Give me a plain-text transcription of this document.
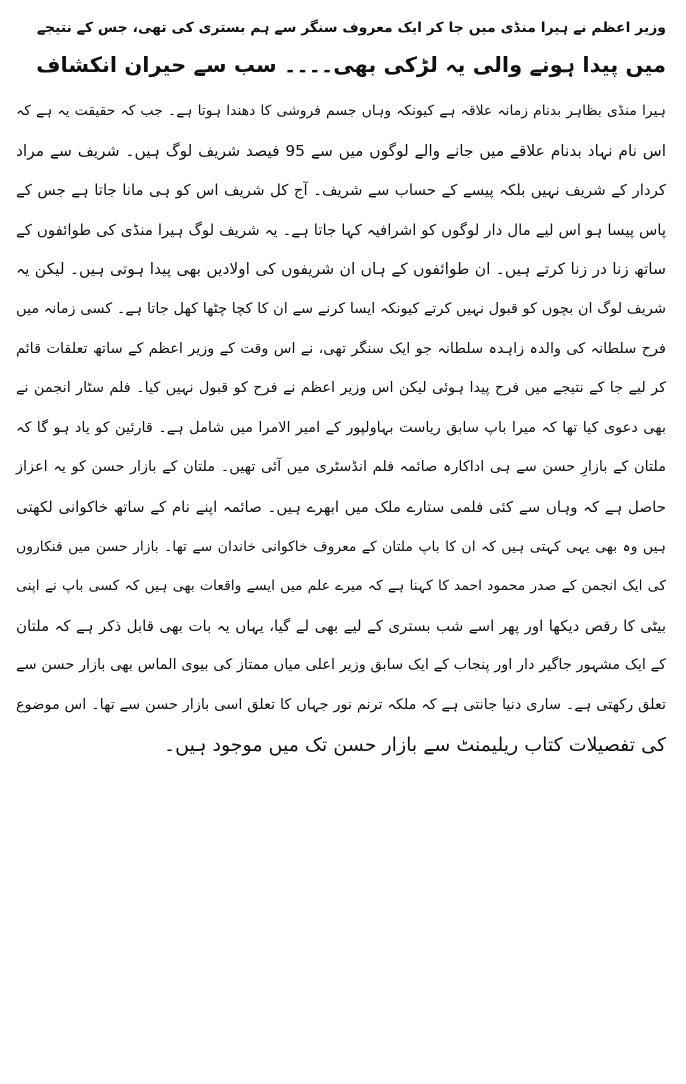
وزیر اعظم نے ہیرا منڈی میں جا کر ایک معروف سنگر سے ہم بستری کی تھی، جس کے نتیجے
میں پیدا ہونے والی یہ لڑکی بھی۔۔۔۔ سب سے حیران انکشاف
ہیرا منڈی بظاہر بدنام زمانہ علاقہ ہے کیونکہ وہاں جسم فروشی کا دھندا ہوتا ہے۔ جب کہ حقیقت یہ ہے کہ
اس نام نہاد بدنام علاقے میں جانے والے لوگوں میں سے 95 فیصد شریف لوگ ہیں۔ شریف سے مراد
کردار کے شریف نہیں بلکہ پیسے کے حساب سے شریف۔ آج کل شریف اس کو ہی مانا جاتا ہے جس کے
پاس پیسا ہو اس لیے مال دار لوگوں کو اشرافیہ کہا جاتا ہے۔ یہ شریف لوگ ہیرا منڈی کی طوائفوں کے
ساتھ زنا در زنا کرتے ہیں۔ ان طوائفوں کے ہاں ان شریفوں کی اولادیں بھی پیدا ہوتی ہیں۔ لیکن یہ
شریف لوگ ان بچوں کو قبول نہیں کرتے کیونکہ ایسا کرنے سے ان کا کچا چٹھا کھل جاتا ہے۔ کسی زمانہ میں
فرح سلطانہ کی والدہ زاہدہ سلطانہ جو ایک سنگر تھی، نے اس وقت کے وزیر اعظم کے ساتھ تعلقات قائم
کر لیے جا کے نتیجے میں فرح پیدا ہوئی لیکن اس وزیر اعظم نے فرح کو قبول نہیں کیا۔ فلم سٹار انجمن نے
بھی دعوی کیا تھا کہ میرا باپ سابق ریاست بہاولپور کے امیر الامرا میں شامل ہے۔ قارئین کو یاد ہو گا کہ
ملتان کے بازارِ حسن سے ہی اداکارہ صائمہ فلم انڈسٹری میں آئی تھیں۔ ملتان کے بازار حسن کو یہ اعزاز
حاصل ہے کہ وہاں سے کئی فلمی ستارے ملک میں ابھرے ہیں۔ صائمہ اپنے نام کے ساتھ خاکوانی لکھتی
ہیں وہ بھی یہی کہتی ہیں کہ ان کا باپ ملتان کے معروف خاکوانی خاندان سے تھا۔ بازار حسن میں فنکاروں
کی ایک انجمن کے صدر محمود احمد کا کہنا ہے کہ میرے علم میں ایسے واقعات بھی ہیں کہ کسی باپ نے اپنی
بیٹی کا رقص دیکھا اور پھر اسے شب بستری کے لیے بھی لے گیا، یہاں یہ بات بھی قابل ذکر ہے کہ ملتان
کے ایک مشہور جاگیر دار اور پنجاب کے ایک سابق وزیر اعلی میاں ممتاز کی بیوی الماس بھی بازار حسن سے
تعلق رکھتی ہے۔ ساری دنیا جانتی ہے کہ ملکہ ترنم نور جہاں کا تعلق اسی بازار حسن سے تھا۔ اس موضوع
کی تفصیلات کتاب ریلیمنٹ سے بازار حسن تک میں موجود ہیں۔
